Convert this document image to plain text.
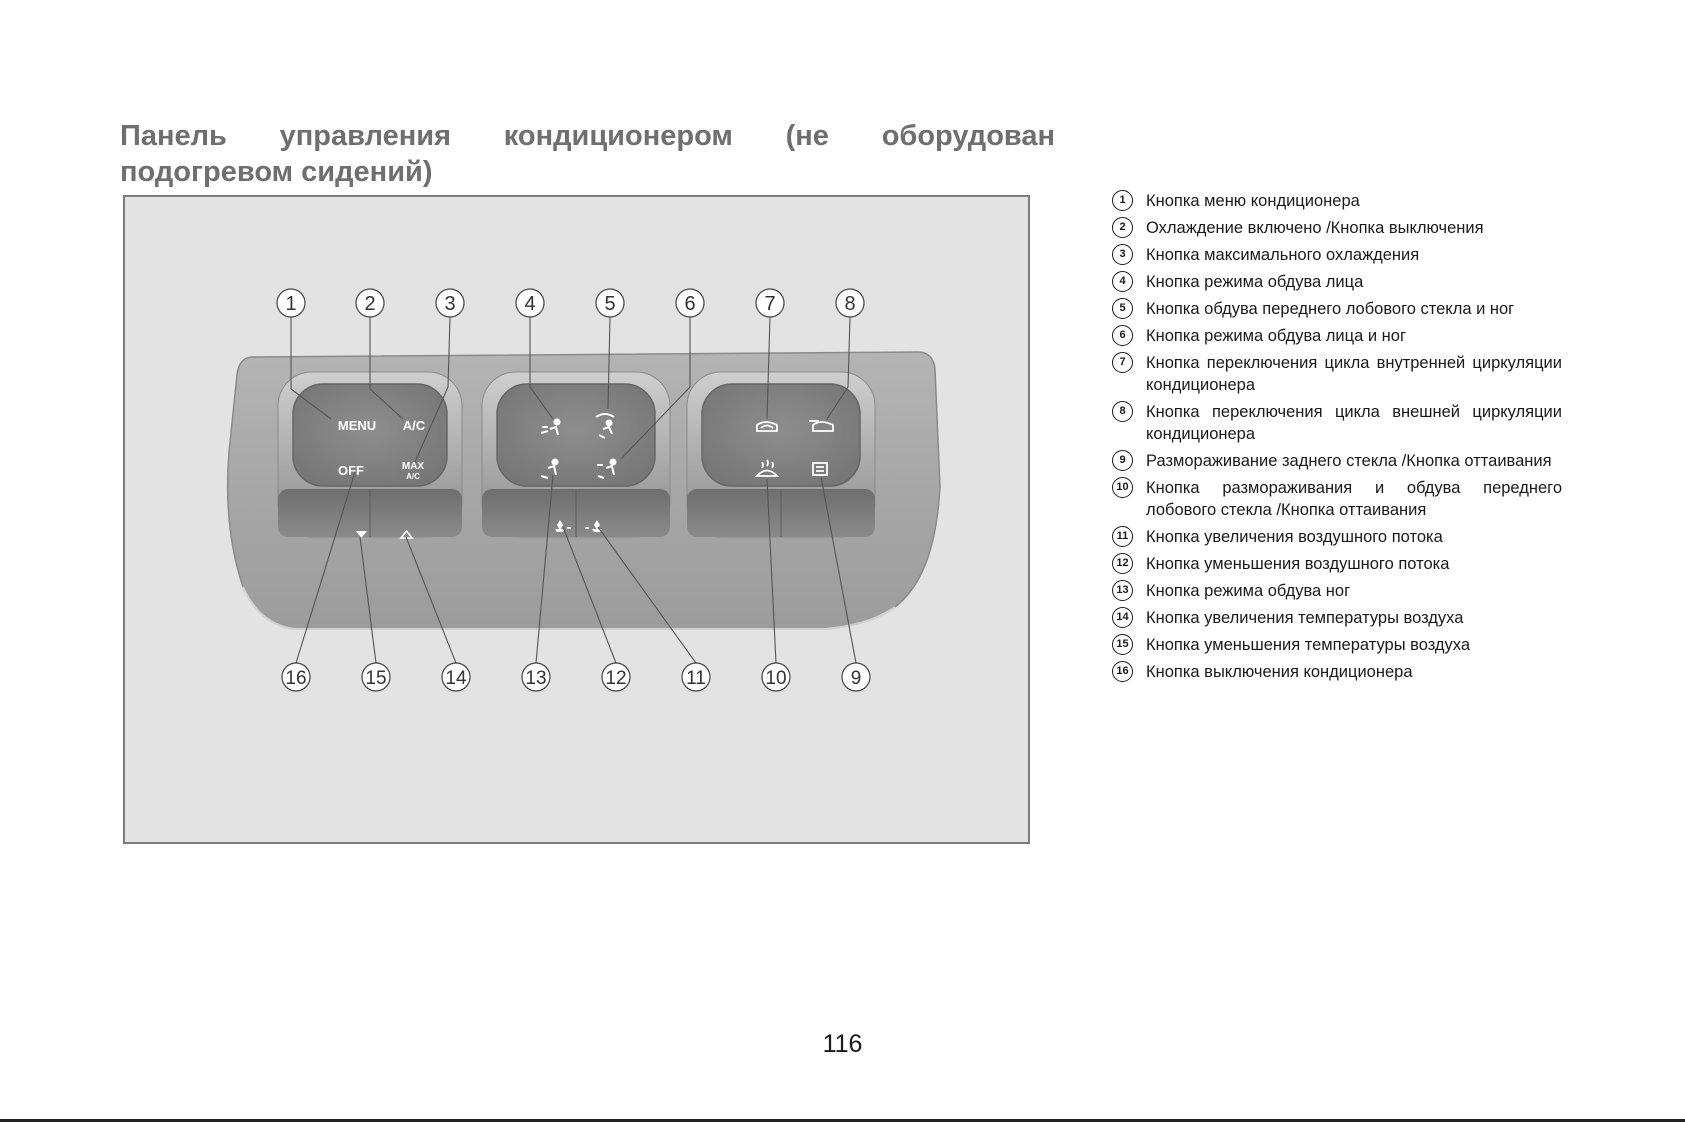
Панель управления кондиционером (не оборудован подогревом сидений)
MENU A/C
OFF	MAX
A/C
1	2	3	4	5	6	7	8
16	15	14	13	12	11	10	9
1	Кнопка меню кондиционера
2	Охлаждение включено /Кнопка выключения
3	Кнопка максимального охлаждения
4	Кнопка режима обдува лица
5	Кнопка обдува переднего лобового стекла и ног
6	Кнопка режима обдува лица и ног
7	Кнопка переключения цикла внутренней циркуляции кондиционера
8	Кнопка переключения цикла внешней циркуляции кондиционера
9	Размораживание заднего стекла /Кнопка оттаивания
10 Кнопка размораживания и обдува переднего лобового стекла /Кнопка оттаивания
11 Кнопка увеличения воздушного потока
12 Кнопка уменьшения воздушного потока
13 Кнопка режима обдува ног
14 Кнопка увеличения температуры воздуха
15 Кнопка уменьшения температуры воздуха
16 Кнопка выключения кондиционера
116
